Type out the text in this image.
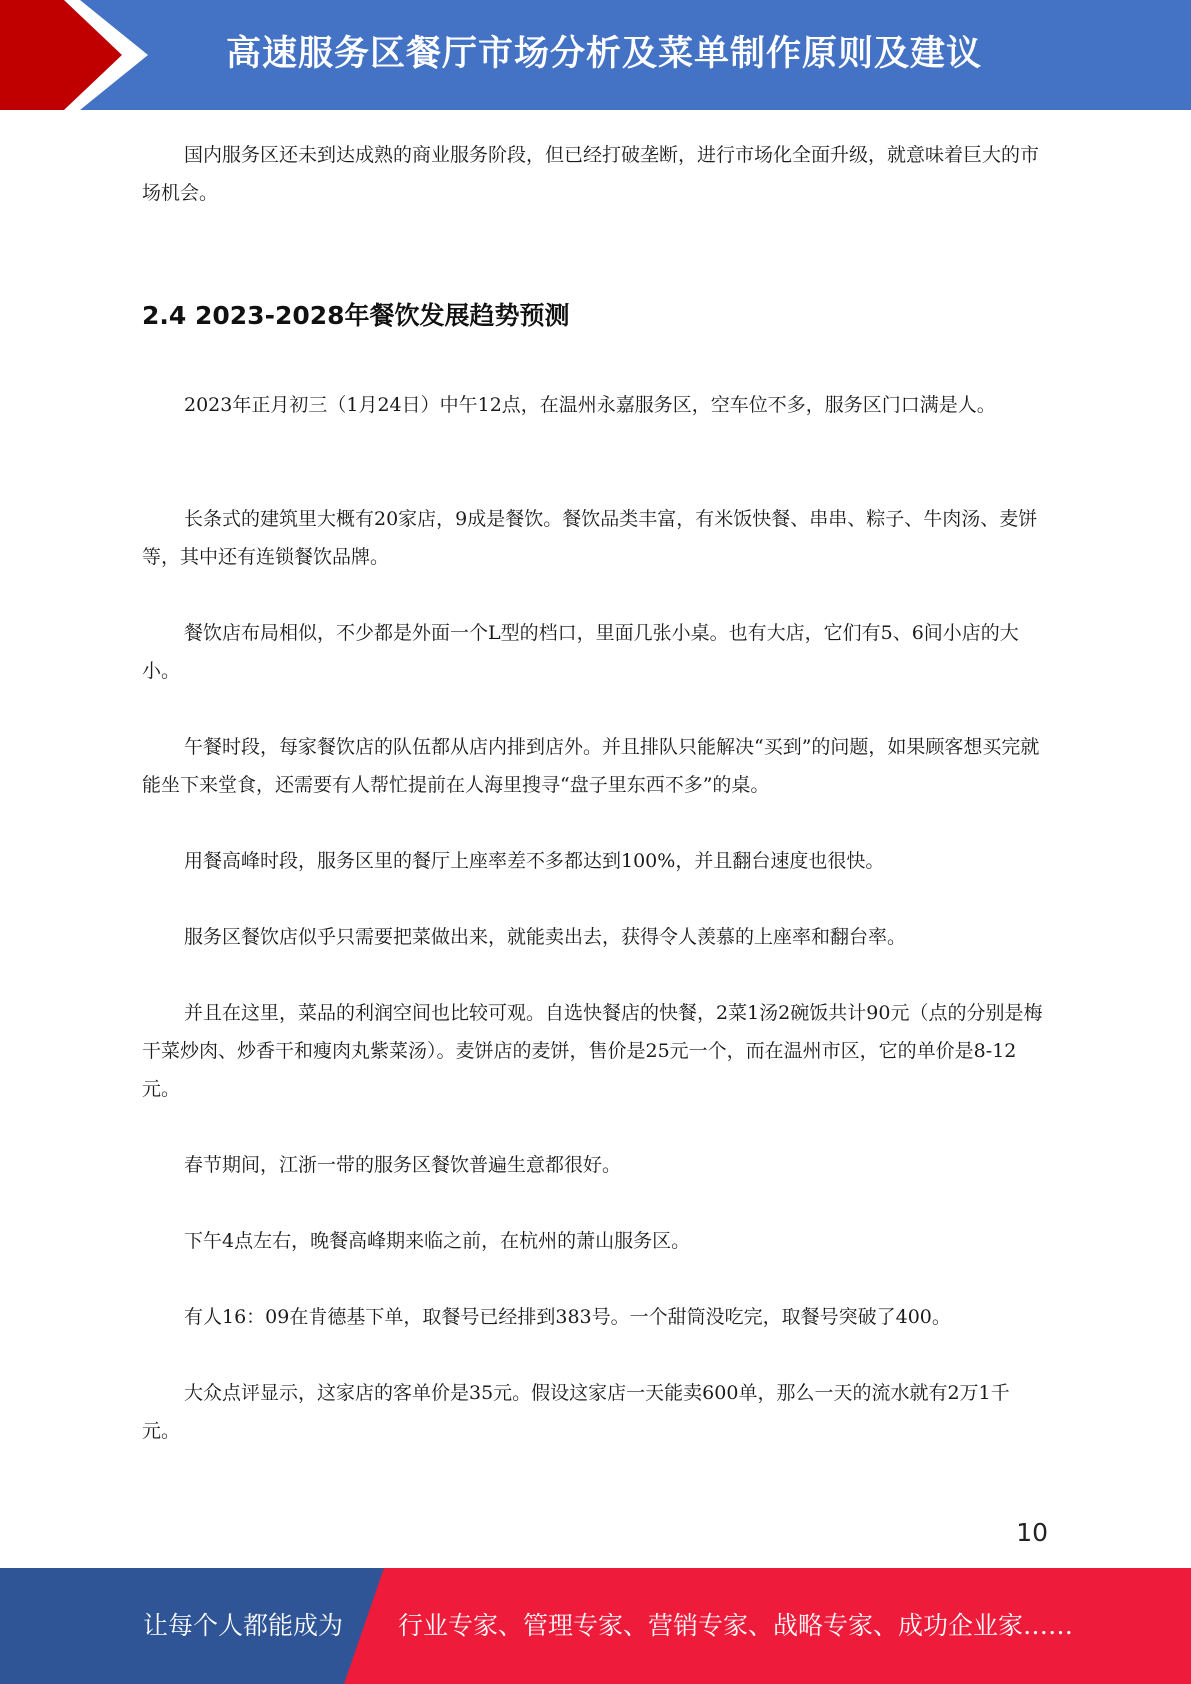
高速服务区餐厅市场分析及菜单制作原则及建议

国内服务区还未到达成熟的商业服务阶段，但已经打破垄断，进行市场化全面升级，就意味着巨大的市场机会。

2.4 2023-2028年餐饮发展趋势预测

2023年正月初三（1月24日）中午12点，在温州永嘉服务区，空车位不多，服务区门口满是人。

长条式的建筑里大概有20家店，9成是餐饮。餐饮品类丰富，有米饭快餐、串串、粽子、牛肉汤、麦饼等，其中还有连锁餐饮品牌。

餐饮店布局相似，不少都是外面一个L型的档口，里面几张小桌。也有大店，它们有5、6间小店的大小。

午餐时段，每家餐饮店的队伍都从店内排到店外。并且排队只能解决“买到”的问题，如果顾客想买完就能坐下来堂食，还需要有人帮忙提前在人海里搜寻“盘子里东西不多”的桌。

用餐高峰时段，服务区里的餐厅上座率差不多都达到100%，并且翻台速度也很快。

服务区餐饮店似乎只需要把菜做出来，就能卖出去，获得令人羡慕的上座率和翻台率。

并且在这里，菜品的利润空间也比较可观。自选快餐店的快餐，2菜1汤2碗饭共计90元（点的分别是梅干菜炒肉、炒香干和瘦肉丸紫菜汤）。麦饼店的麦饼，售价是25元一个，而在温州市区，它的单价是8-12元。

春节期间，江浙一带的服务区餐饮普遍生意都很好。

下午4点左右，晚餐高峰期来临之前，在杭州的萧山服务区。

有人16：09在肯德基下单，取餐号已经排到383号。一个甜筒没吃完，取餐号突破了400。

大众点评显示，这家店的客单价是35元。假设这家店一天能卖600单，那么一天的流水就有2万1千元。

10
让每个人都能成为 行业专家、管理专家、营销专家、战略专家、成功企业家……
